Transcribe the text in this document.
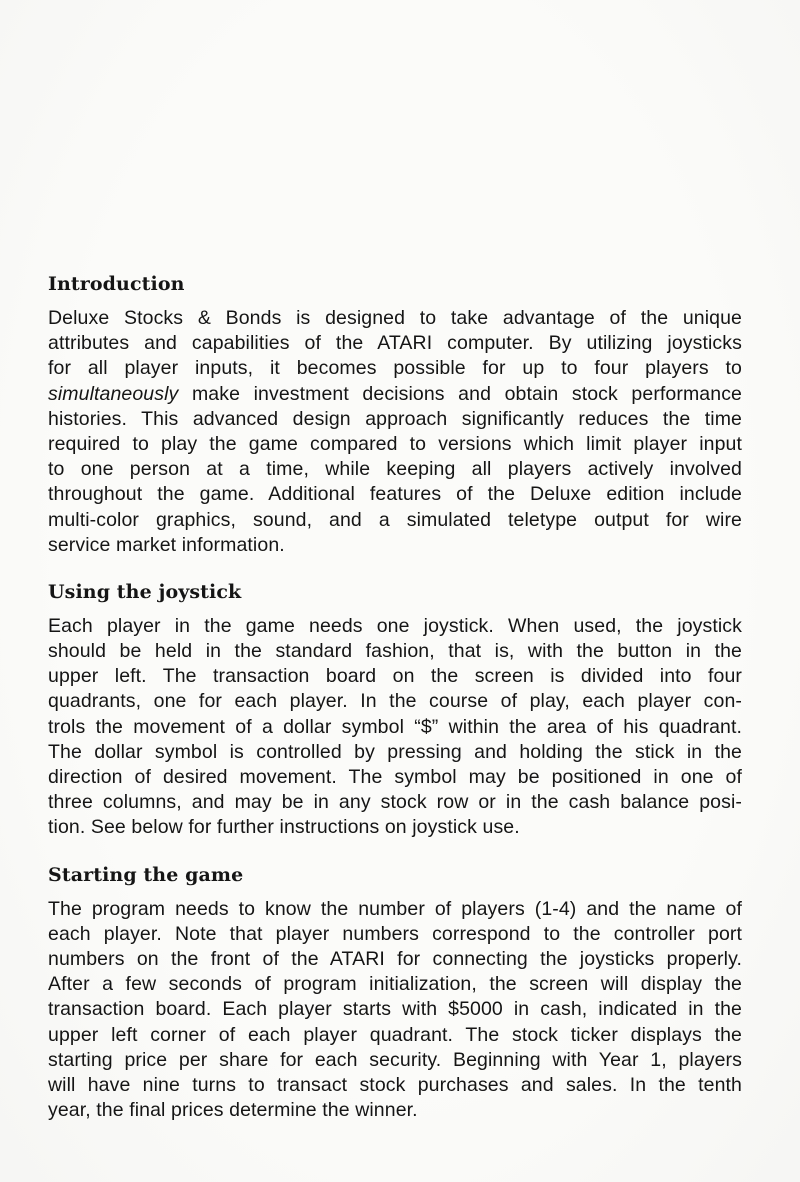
Introduction
Deluxe Stocks & Bonds is designed to take advantage of the unique
attributes and capabilities of the ATARI computer. By utilizing joysticks
for all player inputs, it becomes possible for up to four players to
simultaneously make investment decisions and obtain stock performance
histories. This advanced design approach significantly reduces the time
required to play the game compared to versions which limit player input
to one person at a time, while keeping all players actively involved
throughout the game. Additional features of the Deluxe edition include
multi-color graphics, sound, and a simulated teletype output for wire
service market information.
Using the joystick
Each player in the game needs one joystick. When used, the joystick
should be held in the standard fashion, that is, with the button in the
upper left. The transaction board on the screen is divided into four
quadrants, one for each player. In the course of play, each player con-
trols the movement of a dollar symbol “$” within the area of his quadrant.
The dollar symbol is controlled by pressing and holding the stick in the
direction of desired movement. The symbol may be positioned in one of
three columns, and may be in any stock row or in the cash balance posi-
tion. See below for further instructions on joystick use.
Starting the game
The program needs to know the number of players (1-4) and the name of
each player. Note that player numbers correspond to the controller port
numbers on the front of the ATARI for connecting the joysticks properly.
After a few seconds of program initialization, the screen will display the
transaction board. Each player starts with $5000 in cash, indicated in the
upper left corner of each player quadrant. The stock ticker displays the
starting price per share for each security. Beginning with Year 1, players
will have nine turns to transact stock purchases and sales. In the tenth
year, the final prices determine the winner.
